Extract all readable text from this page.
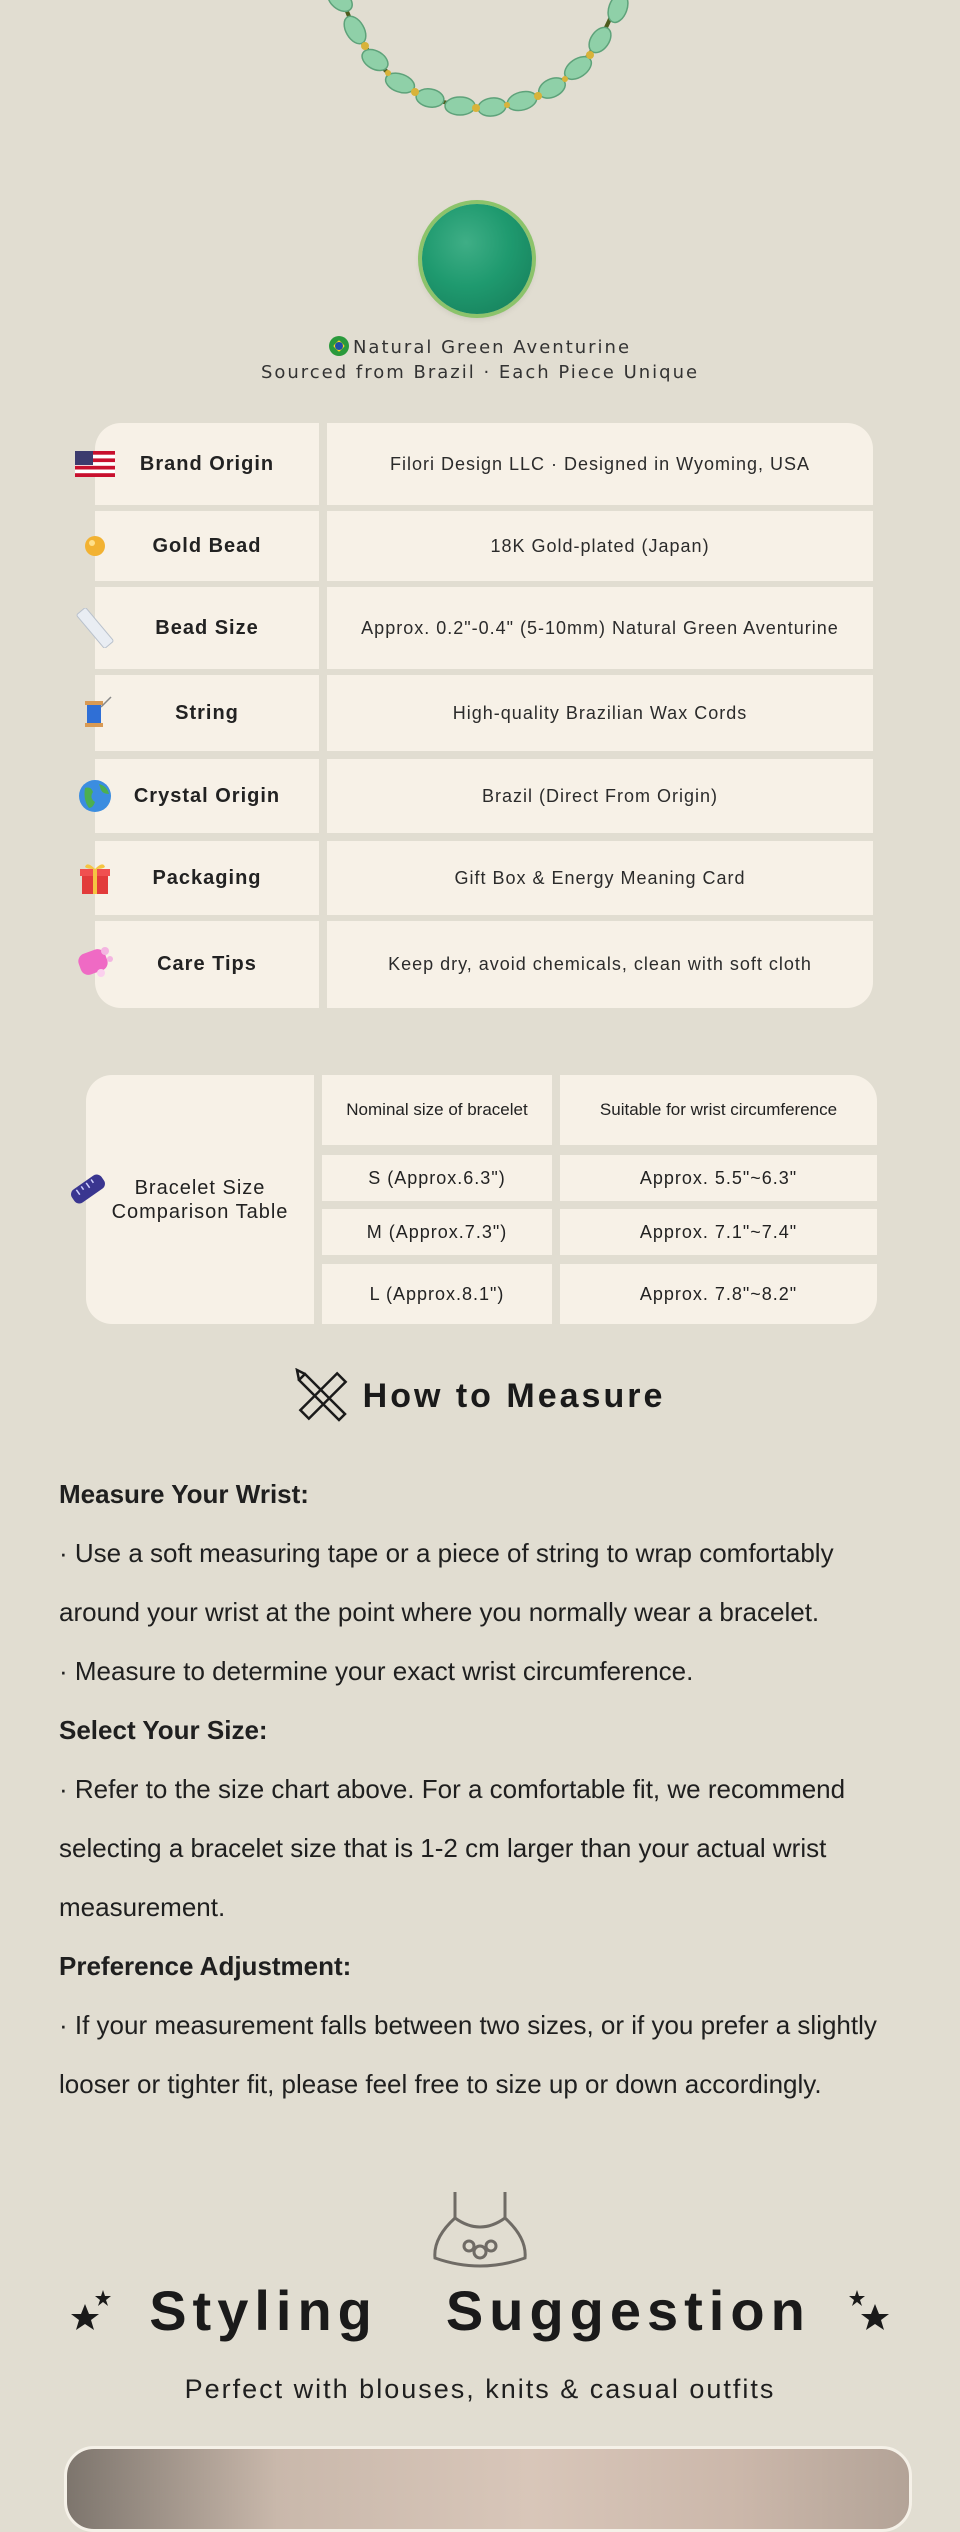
Natural Green Aventurine
Sourced from Brazil · Each Piece Unique
Brand Origin	Filori Design LLC · Designed in Wyoming, USA
Gold Bead	18K Gold-plated (Japan)
Bead Size	Approx. 0.2"-0.4" (5-10mm) Natural Green Aventurine
String	High-quality Brazilian Wax Cords
Crystal Origin	Brazil (Direct From Origin)
Packaging	Gift Box & Energy Meaning Card
Care Tips	Keep dry, avoid chemicals, clean with soft cloth
Bracelet Size
Comparison Table
Nominal size of bracelet	Suitable for wrist circumference
S (Approx.6.3")	Approx. 5.5"~6.3"
M (Approx.7.3")	Approx. 7.1"~7.4"
L (Approx.8.1")	Approx. 7.8"~8.2"
How to Measure
Measure Your Wrist:
· Use a soft measuring tape or a piece of string to wrap comfortably
around your wrist at the point where you normally wear a bracelet.
· Measure to determine your exact wrist circumference.
Select Your Size:
· Refer to the size chart above. For a comfortable fit, we recommend
selecting a bracelet size that is 1-2 cm larger than your actual wrist
measurement.
Preference Adjustment:
· If your measurement falls between two sizes, or if you prefer a slightly
looser or tighter fit, please feel free to size up or down accordingly.
Styling Suggestion
Perfect with blouses, knits & casual outfits
